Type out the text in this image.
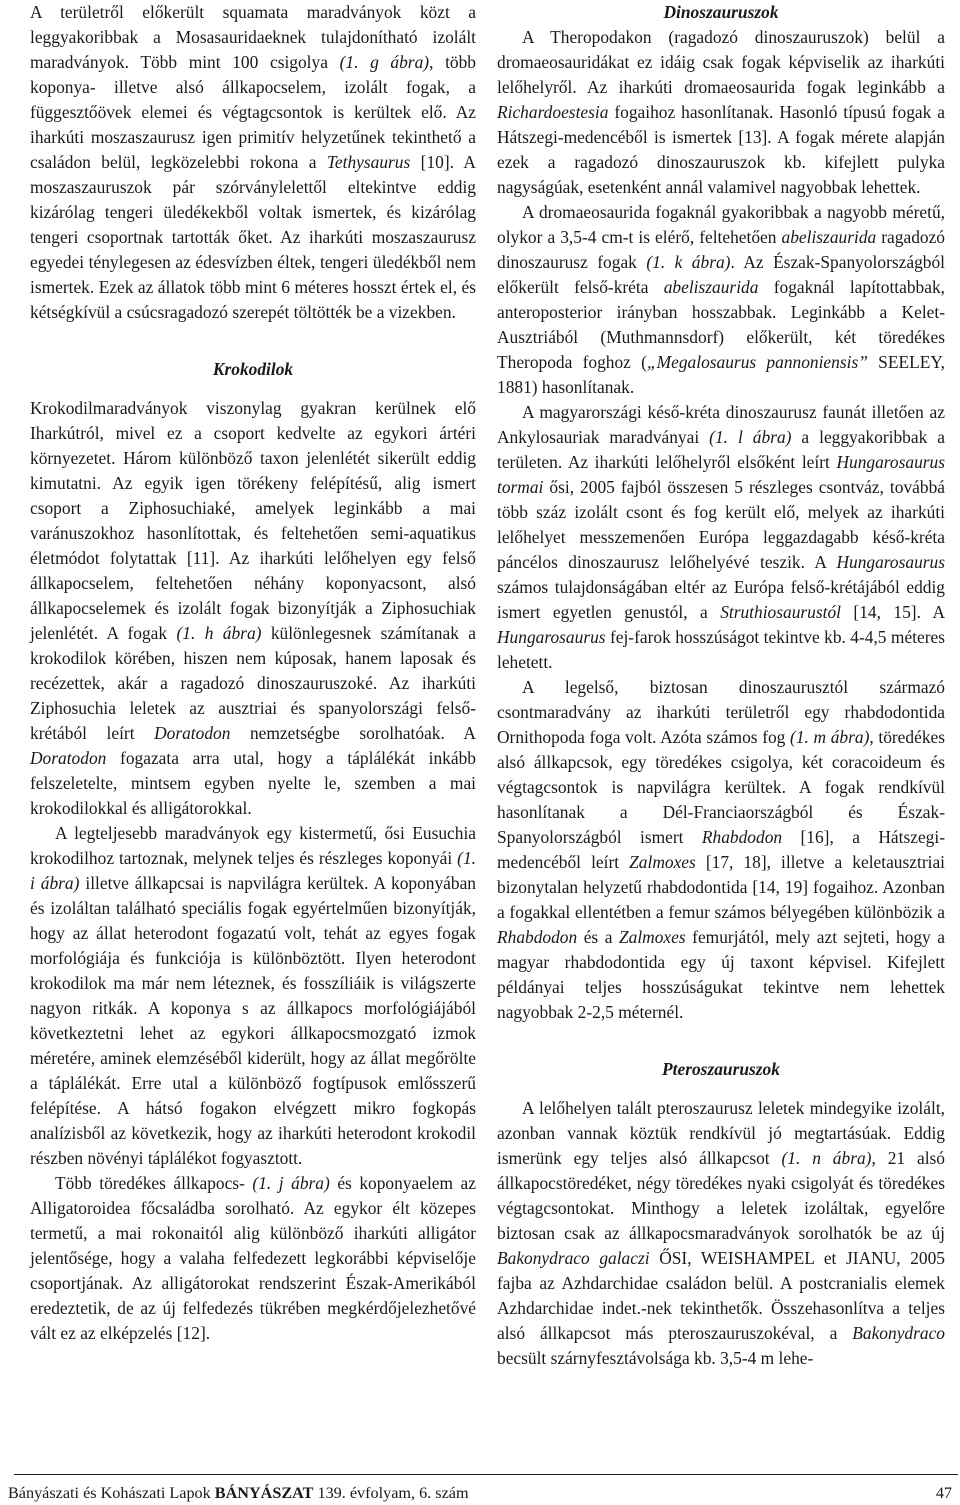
A területről előkerült squamata maradványok közt a leggyakoribbak a Mosasauridaeknek tulajdonítható izolált maradványok. Több mint 100 csigolya (1. g ábra), több koponya- illetve alsó állkapocselem, izolált fogak, a függesztőövek elemei és végtagcsontok is kerültek elő. Az iharkúti moszaszaurusz igen primitív helyzetűnek tekinthető a családon belül, legközelebbi rokona a Tethysaurus [10]. A moszaszauruszok pár szórványlelettől eltekintve eddig kizárólag tengeri üledékekből voltak ismertek, és kizárólag tengeri csoportnak tartották őket. Az iharkúti moszaszaurusz egyedei ténylegesen az édesvízben éltek, tengeri üledékből nem ismertek. Ezek az állatok több mint 6 méteres hosszt értek el, és kétségkívül a csúcsragadozó szerepét töltötték be a vizekben.

Krokodilok

Krokodilmaradványok viszonylag gyakran kerülnek elő Iharkútról, mivel ez a csoport kedvelte az egykori ártéri környezetet. Három különböző taxon jelenlétét sikerült eddig kimutatni. Az egyik igen törékeny felépítésű, alig ismert csoport a Ziphosuchiaké, amelyek leginkább a mai varánuszokhoz hasonlítottak, és feltehetően semi-aquatikus életmódot folytattak [11]. Az iharkúti lelőhelyen egy felső állkapocselem, feltehetően néhány koponyacsont, alsó állkapocselemek és izolált fogak bizonyítják a Ziphosuchiak jelenlétét. A fogak (1. h ábra) különlegesnek számítanak a krokodilok körében, hiszen nem kúposak, hanem laposak és recézettek, akár a ragadozó dinoszauruszoké. Az iharkúti Ziphosuchia leletek az ausztriai és spanyolországi felső-krétából leírt Doratodon nemzetségbe sorolhatóak. A Doratodon fogazata arra utal, hogy a táplálékát inkább felszeletelte, mintsem egyben nyelte le, szemben a mai krokodilokkal és alligátorokkal.

A legteljesebb maradványok egy kistermetű, ősi Eusuchia krokodilhoz tartoznak, melynek teljes és részleges koponyái (1. i ábra) illetve állkapcsai is napvilágra kerültek. A koponyában és izoláltan található speciális fogak egyértelműen bizonyítják, hogy az állat heterodont fogazatú volt, tehát az egyes fogak morfológiája és funkciója is különböztött. Ilyen heterodont krokodilok ma már nem léteznek, és fosszíliáik is világszerte nagyon ritkák. A koponya s az állkapocs morfológiájából következtetni lehet az egykori állkapocsmozgató izmok méretére, aminek elemzéséből kiderült, hogy az állat megőrölte a táplálékát. Erre utal a különböző fogtípusok emlősszerű felépítése. A hátsó fogakon elvégzett mikro fogkopás analízisből az következik, hogy az iharkúti heterodont krokodil részben növényi táplálékot fogyasztott.

Több töredékes állkapocs- (1. j ábra) és koponyaelem az Alligatoroidea főcsaládba sorolható. Az egykor élt közepes termetű, a mai rokonaitól alig különböző iharkúti alligátor jelentősége, hogy a valaha felfedezett legkorábbi képviselője csoportjának. Az alligátorokat rendszerint Észak-Amerikából eredeztetik, de az új felfedezés tükrében megkérdőjelezhetővé vált ez az elképzelés [12].

Dinoszauruszok

A Theropodakon (ragadozó dinoszauruszok) belül a dromaeosauridákat ez idáig csak fogak képviselik az iharkúti lelőhelyről. Az iharkúti dromaeosaurida fogak leginkább a Richardoestesia fogaihoz hasonlítanak. Hasonló típusú fogak a Hátszegi-medencéből is ismertek [13]. A fogak mérete alapján ezek a ragadozó dinoszauruszok kb. kifejlett pulyka nagyságúak, esetenként annál valamivel nagyobbak lehettek.

A dromaeosaurida fogaknál gyakoribbak a nagyobb méretű, olykor a 3,5-4 cm-t is elérő, feltehetően abeliszaurida ragadozó dinoszaurusz fogak (1. k ábra). Az Észak-Spanyolországból előkerült felső-kréta abeliszaurida fogaknál lapítottabbak, anteroposterior irányban hosszabbak. Leginkább a Kelet-Ausztriából (Muthmannsdorf) előkerült, két töredékes Theropoda foghoz („Megalosaurus pannoniensis” SEELEY, 1881) hasonlítanak.

A magyarországi késő-kréta dinoszaurusz faunát illetően az Ankylosauriak maradványai (1. l ábra) a leggyakoribbak a területen. Az iharkúti lelőhelyről elsőként leírt Hungarosaurus tormai ősi, 2005 fajból összesen 5 részleges csontváz, továbbá több száz izolált csont és fog került elő, melyek az iharkúti lelőhelyet messzemenően Európa leggazdagabb késő-kréta páncélos dinoszaurusz lelőhelyévé teszik. A Hungarosaurus számos tulajdonságában eltér az Európa felső-krétájából eddig ismert egyetlen genustól, a Struthiosaurustól [14, 15]. A Hungarosaurus fej-farok hosszúságot tekintve kb. 4-4,5 méteres lehetett.

A legelső, biztosan dinoszaurusztól származó csontmaradvány az iharkúti területről egy rhabdodontida Ornithopoda foga volt. Azóta számos fog (1. m ábra), töredékes alsó állkapcsok, egy töredékes csigolya, két coracoideum és végtagcsontok is napvilágra kerültek. A fogak rendkívül hasonlítanak a Dél-Franciaországból és Észak-Spanyolországból ismert Rhabdodon [16], a Hátszegi-medencéből leírt Zalmoxes [17, 18], illetve a keletausztriai bizonytalan helyzetű rhabdodontida [14, 19] fogaihoz. Azonban a fogakkal ellentétben a femur számos bélyegében különbözik a Rhabdodon és a Zalmoxes femurjától, mely azt sejteti, hogy a magyar rhabdodontida egy új taxont képvisel. Kifejlett példányai teljes hosszúságukat tekintve nem lehettek nagyobbak 2-2,5 méternél.

Pteroszauruszok

A lelőhelyen talált pteroszaurusz leletek mindegyike izolált, azonban vannak köztük rendkívül jó megtartásúak. Eddig ismerünk egy teljes alsó állkapcsot (1. n ábra), 21 alsó állkapocstöredéket, négy töredékes nyaki csigolyát és töredékes végtagcsontokat. Minthogy a leletek izoláltak, egyelőre biztosan csak az állkapocsmaradványok sorolhatók be az új Bakonydraco galaczi ŐSI, WEISHAMPEL et JIANU, 2005 fajba az Azhdarchidae családon belül. A postcranialis elemek Azhdarchidae indet.-nek tekinthetők. Összehasonlítva a teljes alsó állkapcsot más pteroszauruszokéval, a Bakonydraco becsült szárnyfesztávolsága kb. 3,5-4 m lehe-

Bányászati és Kohászati Lapok BÁNYÁSZAT 139. évfolyam, 6. szám	47
